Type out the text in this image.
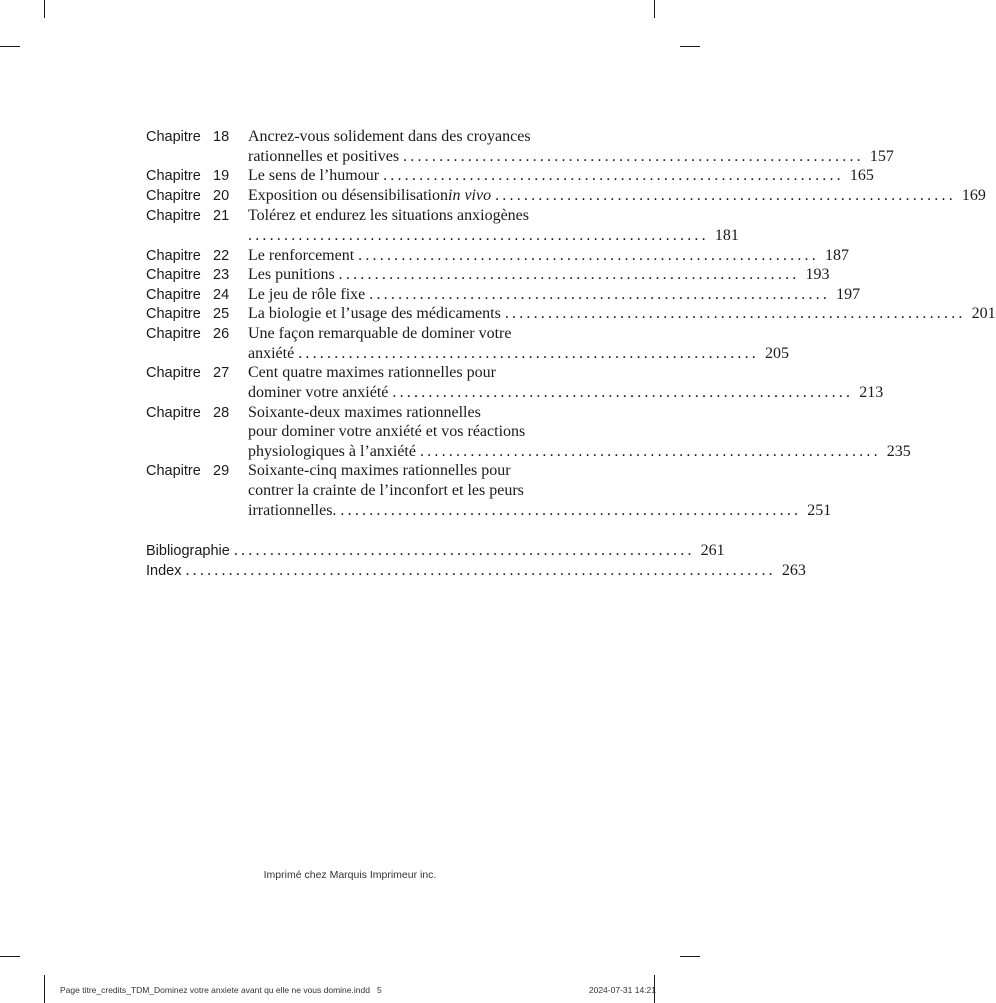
Chapitre 18 Ancrez-vous solidement dans des croyances
rationnelles et positives ................................................................ 157
Chapitre 19 Le sens de l’humour ................................................................ 165
Chapitre 20 Exposition ou désensibilisation in vivo ................................................................ 169
Chapitre 21 Tolérez et endurez les situations anxiogènes
................................................................ 181
Chapitre 22 Le renforcement ................................................................ 187
Chapitre 23 Les punitions ................................................................ 193
Chapitre 24 Le jeu de rôle fixe ................................................................ 197
Chapitre 25 La biologie et l’usage des médicaments ................................................................ 201
Chapitre 26 Une façon remarquable de dominer votre
anxiété ................................................................ 205
Chapitre 27 Cent quatre maximes rationnelles pour
dominer votre anxiété ................................................................ 213
Chapitre 28 Soixante-deux maximes rationnelles
pour dominer votre anxiété et vos réactions
physiologiques à l’anxiété ................................................................ 235
Chapitre 29 Soixante-cinq maximes rationnelles pour
contrer la crainte de l’inconfort et les peurs
irrationnelles. ................................................................ 251
Bibliographie ................................................................ 261
Index .................................................................................. 263
Imprimé chez Marquis Imprimeur inc.
Page titre_credits_TDM_Dominez votre anxiete avant qu elle ne vous domine.indd 5	2024-07-31 14:21
